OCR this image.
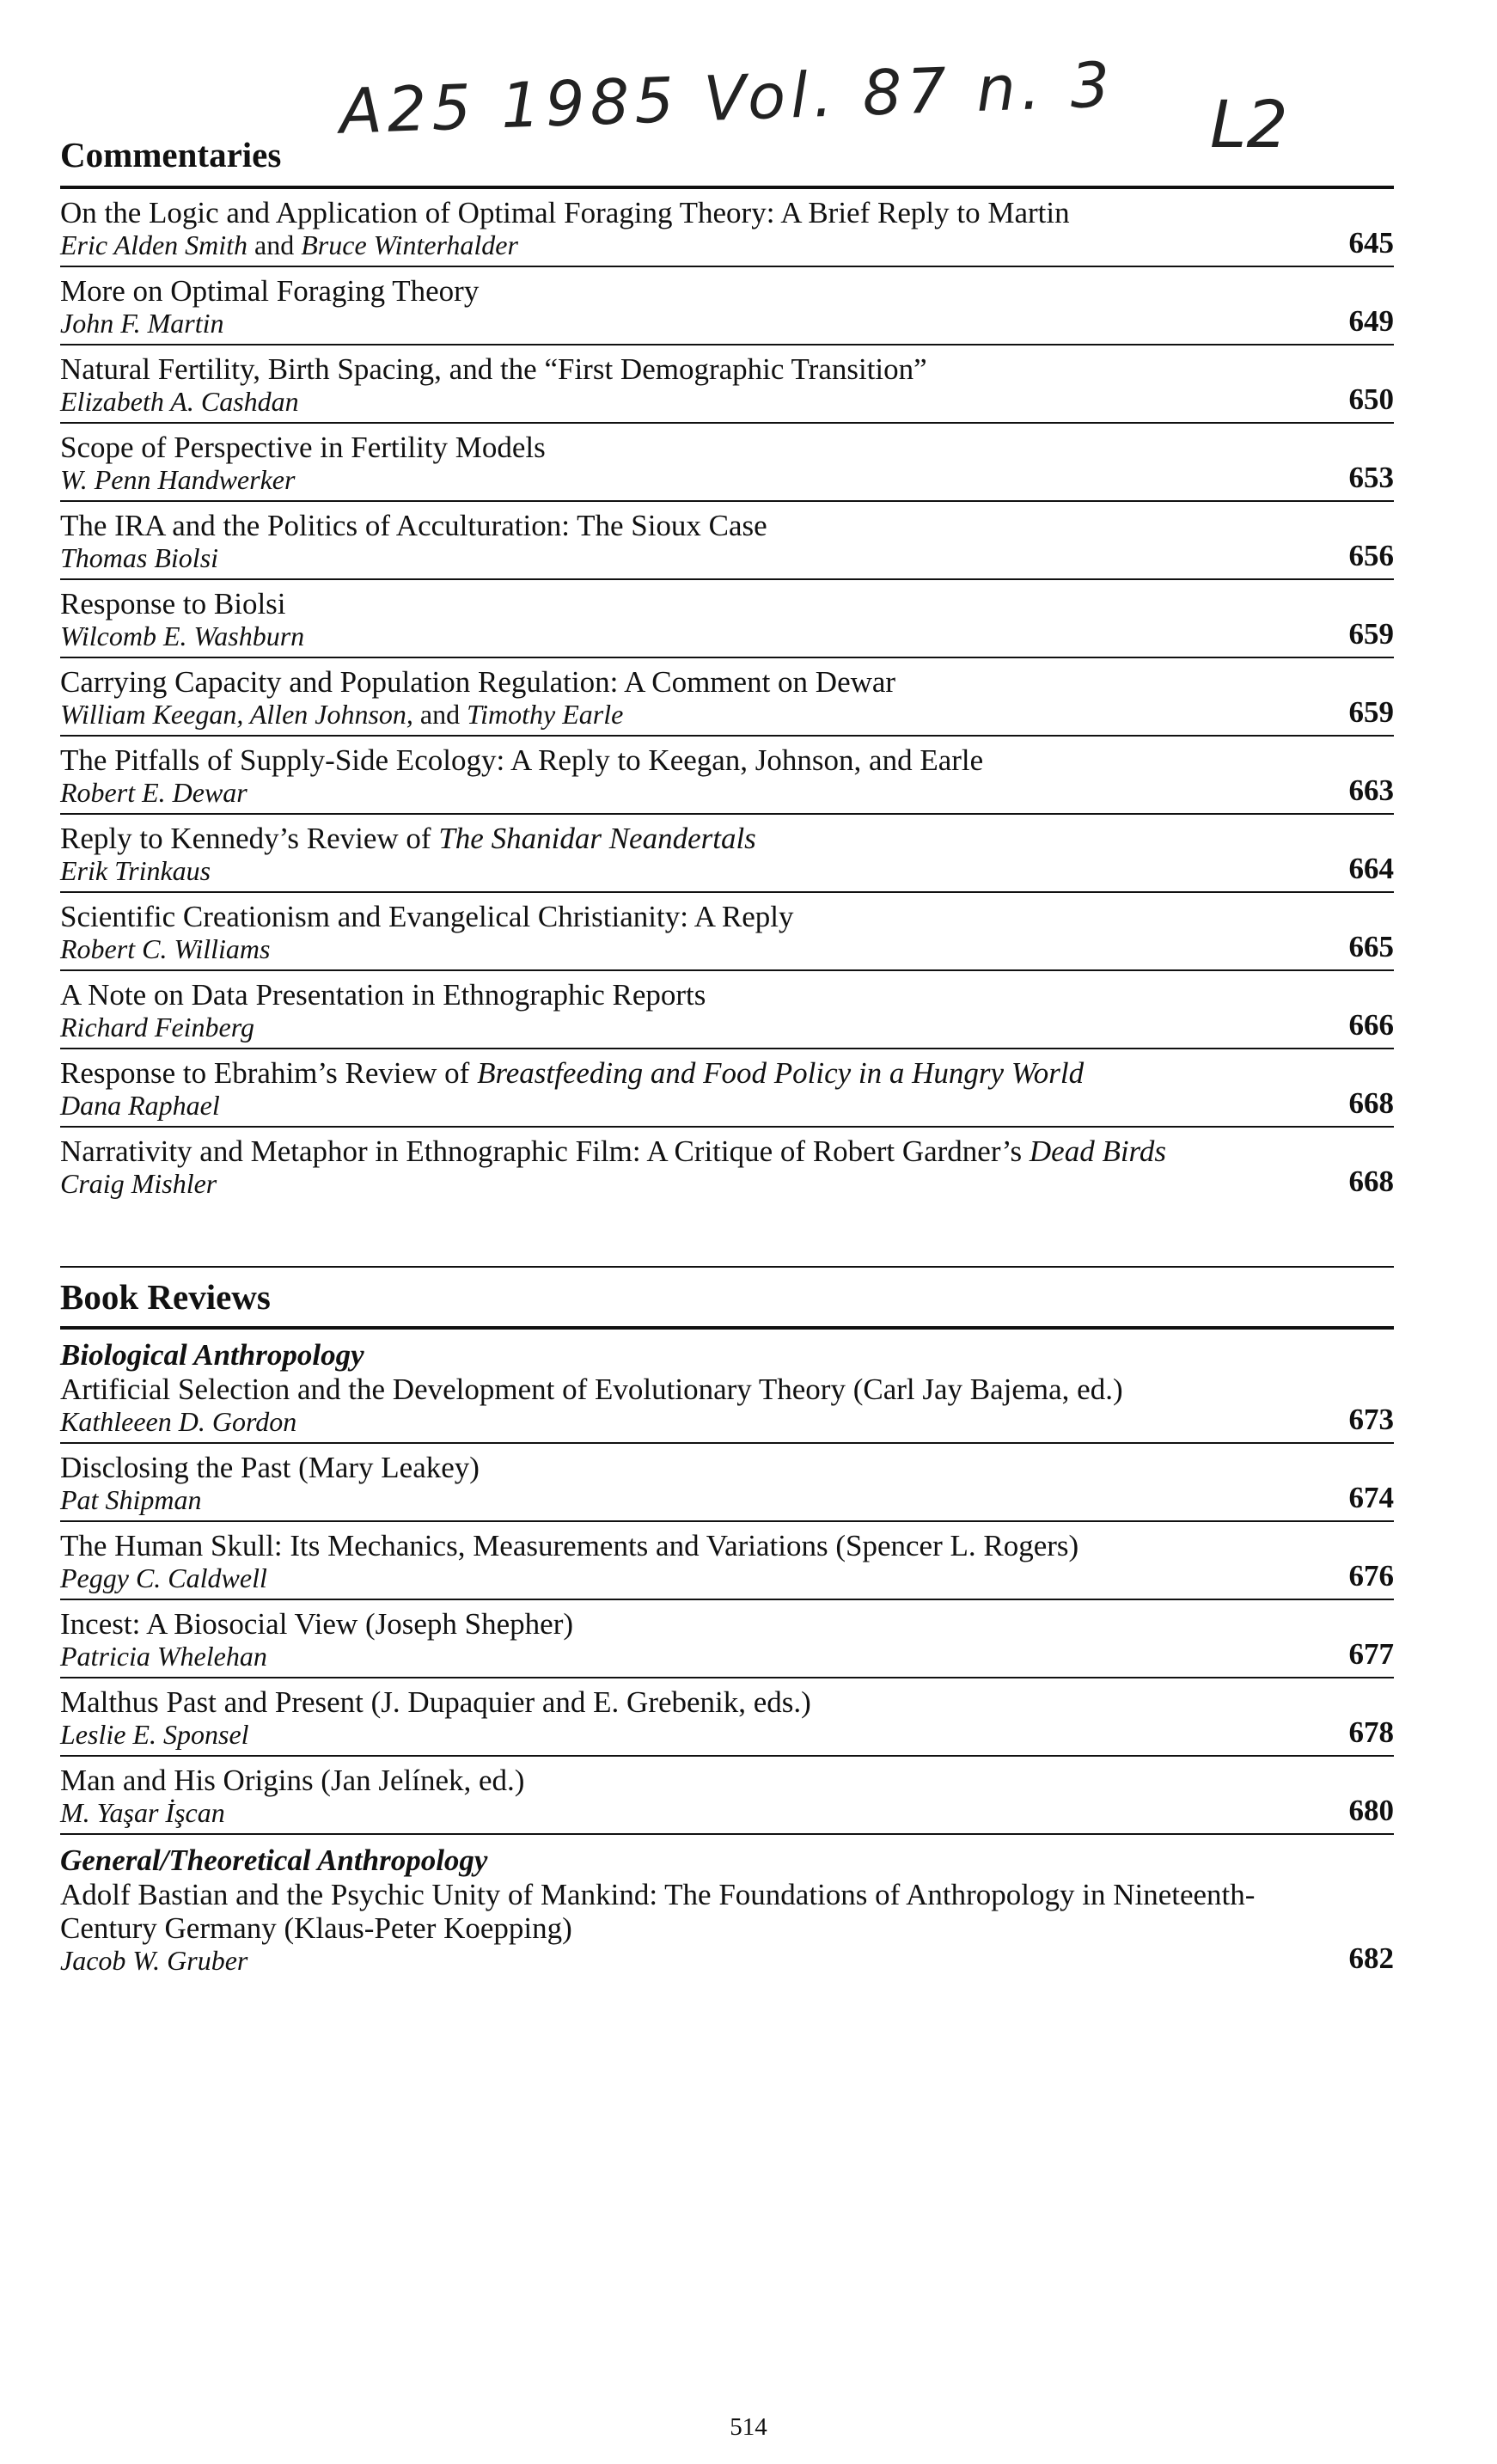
A25 1985 Vol. 87 n. 3 L2
Commentaries
On the Logic and Application of Optimal Foraging Theory: A Brief Reply to Martin
Eric Alden Smith and Bruce Winterhalder	645
More on Optimal Foraging Theory
John F. Martin	649
Natural Fertility, Birth Spacing, and the “First Demographic Transition”
Elizabeth A. Cashdan	650
Scope of Perspective in Fertility Models
W. Penn Handwerker	653
The IRA and the Politics of Acculturation: The Sioux Case
Thomas Biolsi	656
Response to Biolsi
Wilcomb E. Washburn	659
Carrying Capacity and Population Regulation: A Comment on Dewar
William Keegan, Allen Johnson, and Timothy Earle	659
The Pitfalls of Supply-Side Ecology: A Reply to Keegan, Johnson, and Earle
Robert E. Dewar	663
Reply to Kennedy’s Review of The Shanidar Neandertals
Erik Trinkaus	664
Scientific Creationism and Evangelical Christianity: A Reply
Robert C. Williams	665
A Note on Data Presentation in Ethnographic Reports
Richard Feinberg	666
Response to Ebrahim’s Review of Breastfeeding and Food Policy in a Hungry World
Dana Raphael	668
Narrativity and Metaphor in Ethnographic Film: A Critique of Robert Gardner’s Dead Birds
Craig Mishler	668
Book Reviews
Biological Anthropology
Artificial Selection and the Development of Evolutionary Theory (Carl Jay Bajema, ed.)
Kathleeen D. Gordon	673
Disclosing the Past (Mary Leakey)
Pat Shipman	674
The Human Skull: Its Mechanics, Measurements and Variations (Spencer L. Rogers)
Peggy C. Caldwell	676
Incest: A Biosocial View (Joseph Shepher)
Patricia Whelehan	677
Malthus Past and Present (J. Dupaquier and E. Grebenik, eds.)
Leslie E. Sponsel	678
Man and His Origins (Jan Jelínek, ed.)
M. Yaşar İşcan	680
General/Theoretical Anthropology
Adolf Bastian and the Psychic Unity of Mankind: The Foundations of Anthropology in Nineteenth-Century Germany (Klaus-Peter Koepping)
Jacob W. Gruber	682
514
